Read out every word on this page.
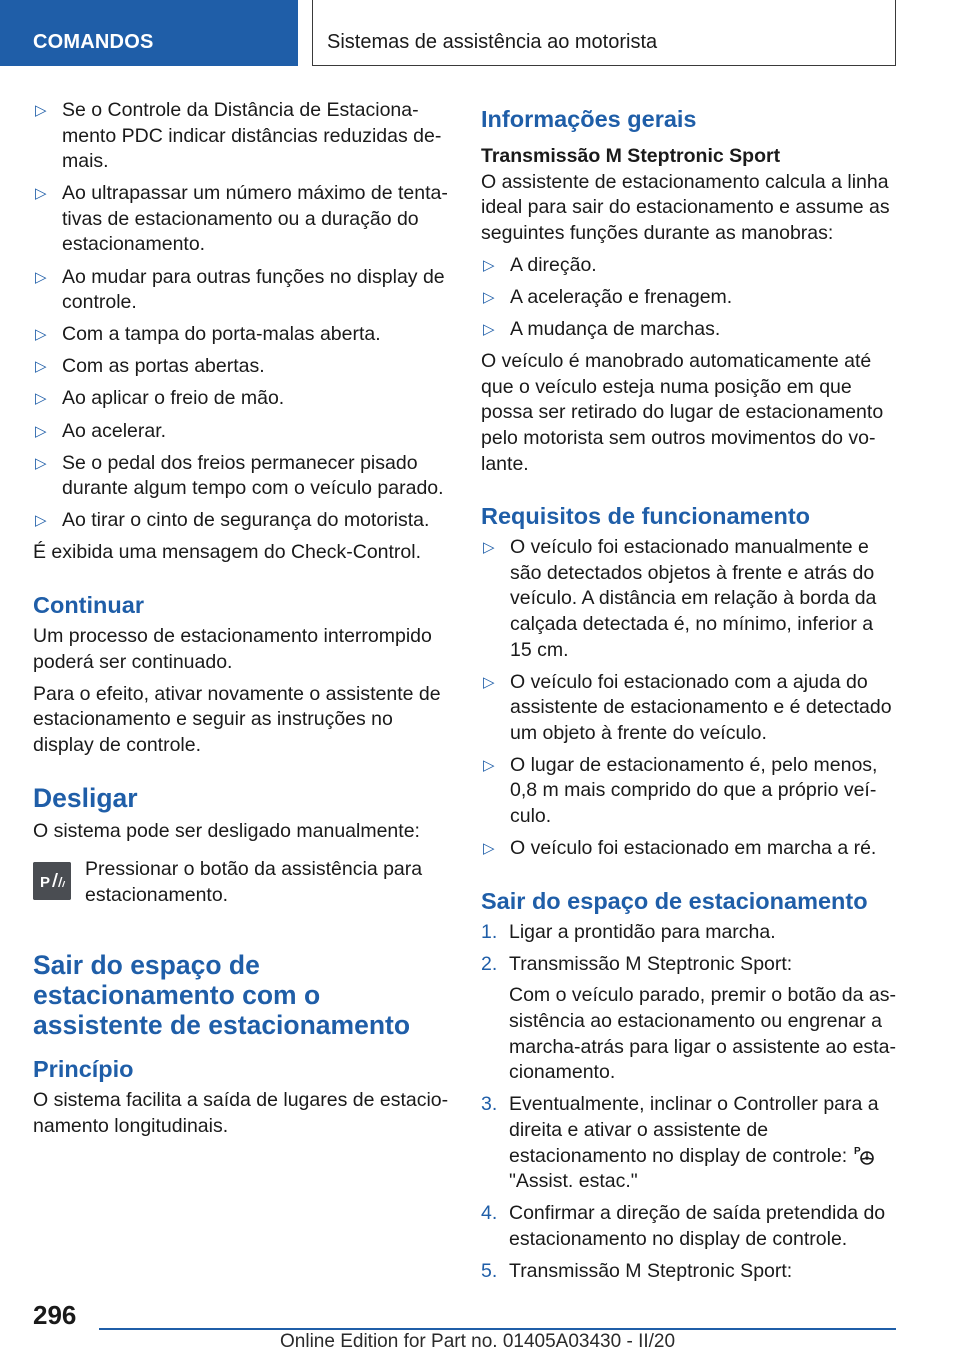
COMANDOS	Sistemas de assistência ao motorista
▷ Se o Controle da Distância de Estacionamento PDC indicar distâncias reduzidas demais.
▷ Ao ultrapassar um número máximo de tentativas de estacionamento ou a duração do estacionamento.
▷ Ao mudar para outras funções no display de controle.
▷ Com a tampa do porta-malas aberta.
▷ Com as portas abertas.
▷ Ao aplicar o freio de mão.
▷ Ao acelerar.
▷ Se o pedal dos freios permanecer pisado durante algum tempo com o veículo parado.
▷ Ao tirar o cinto de segurança do motorista.

É exibida uma mensagem do Check-Control.

Continuar

Um processo de estacionamento interrompido poderá ser continuado.

Para o efeito, ativar novamente o assistente de estacionamento e seguir as instruções no display de controle.

Desligar

O sistema pode ser desligado manualmente:

P
Pressionar o botão da assistência para estacionamento.
Sair do espaço de estacionamento com o assistente de estacionamento
Princípio

O sistema facilita a saída de lugares de estacionamento longitudinais.

Informações gerais
Transmissão M Steptronic Sport

O assistente de estacionamento calcula a linha ideal para sair do estacionamento e assume as seguintes funções durante as manobras:

▷ A direção.
▷ A aceleração e frenagem.
▷ A mudança de marchas.

O veículo é manobrado automaticamente até que o veículo esteja numa posição em que possa ser retirado do lugar de estacionamento pelo motorista sem outros movimentos do volante.

Requisitos de funcionamento
▷ O veículo foi estacionado manualmente e são detectados objetos à frente e atrás do veículo. A distância em relação à borda da calçada detectada é, no mínimo, inferior a 15 cm.
▷ O veículo foi estacionado com a ajuda do assistente de estacionamento e é detectado um objeto à frente do veículo.
▷ O lugar de estacionamento é, pelo menos, 0,8 m mais comprido do que a próprio veículo.
▷ O veículo foi estacionado em marcha a ré.
Sair do espaço de estacionamento
1. Ligar a prontidão para marcha.
2. Transmissão M Steptronic Sport:

Com o veículo parado, premir o botão da assistência ao estacionamento ou engrenar a marcha-atrás para ligar o assistente ao estacionamento.

3. Eventualmente, inclinar o Controller para a direita e ativar o assistente de estacionamento no display de controle: P
"Assist. estac."
4. Confirmar a direção de saída pretendida do estacionamento no display de controle.
5. Transmissão M Steptronic Sport:
296
Online Edition for Part no. 01405A03430 - II/20
